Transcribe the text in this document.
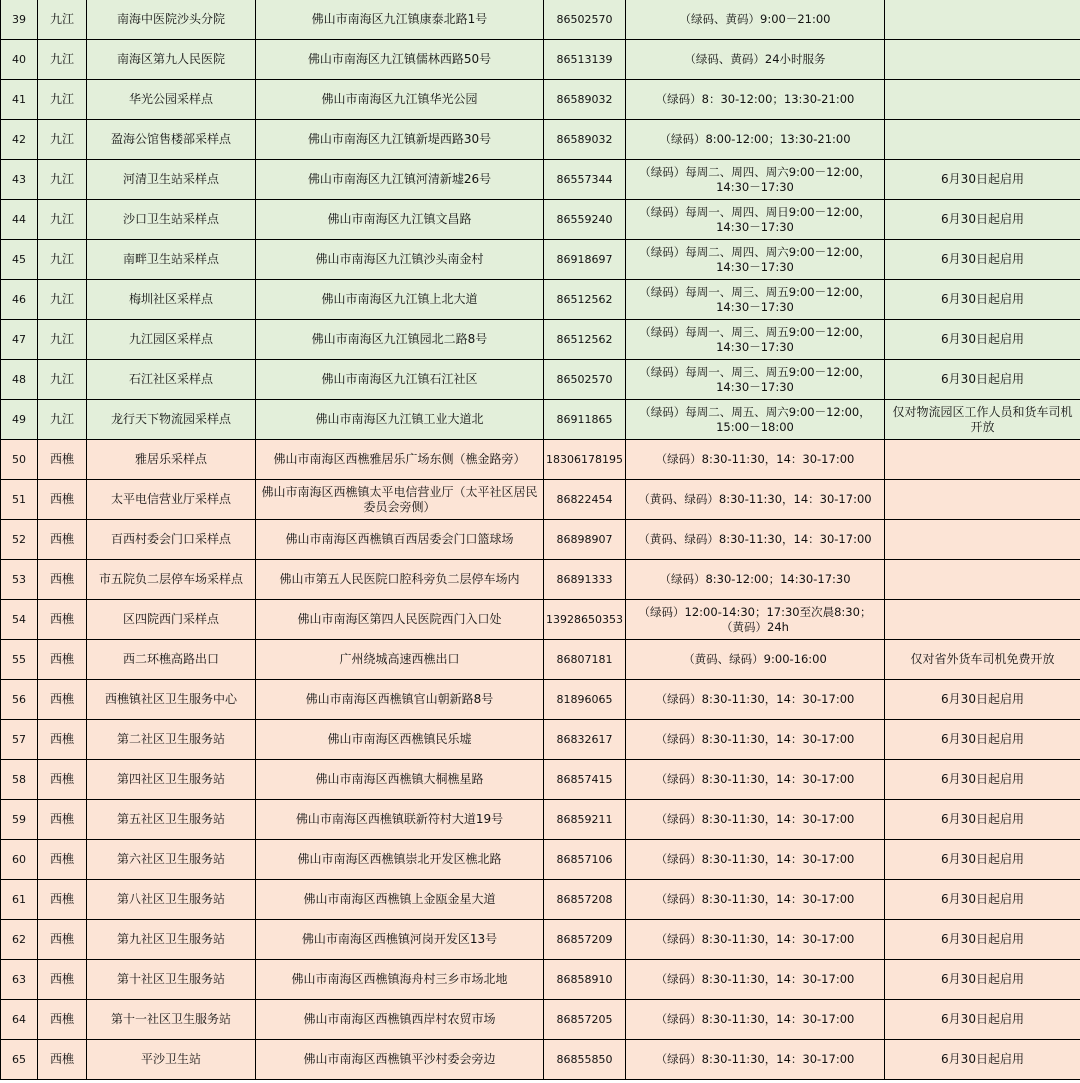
39	九江	南海中医院沙头分院	佛山市南海区九江镇康泰北路1号	86502570	（绿码、黄码）9:00－21:00	
40	九江	南海区第九人民医院	佛山市南海区九江镇儒林西路50号	86513139	（绿码、黄码）24小时服务	
41	九江	华光公园采样点	佛山市南海区九江镇华光公园	86589032	（绿码）8：30-12:00；13:30-21:00	
42	九江	盈海公馆售楼部采样点	佛山市南海区九江镇新堤西路30号	86589032	（绿码）8:00-12:00；13:30-21:00	
43	九江	河清卫生站采样点	佛山市南海区九江镇河清新墟26号	86557344	（绿码）每周二、周四、周六9:00－12:00，
14:30－17:30	6月30日起启用
44	九江	沙口卫生站采样点	佛山市南海区九江镇文昌路	86559240	（绿码）每周一、周四、周日9:00－12:00，
14:30－17:30	6月30日起启用
45	九江	南畔卫生站采样点	佛山市南海区九江镇沙头南金村	86918697	（绿码）每周二、周四、周六9:00－12:00，
14:30－17:30	6月30日起启用
46	九江	梅圳社区采样点	佛山市南海区九江镇上北大道	86512562	（绿码）每周一、周三、周五9:00－12:00，
14:30－17:30	6月30日起启用
47	九江	九江园区采样点	佛山市南海区九江镇园北二路8号	86512562	（绿码）每周一、周三、周五9:00－12:00，
14:30－17:30	6月30日起启用
48	九江	石江社区采样点	佛山市南海区九江镇石江社区	86502570	（绿码）每周一、周三、周五9:00－12:00，
14:30－17:30	6月30日起启用
49	九江	龙行天下物流园采样点	佛山市南海区九江镇工业大道北	86911865	（绿码）每周二、周五、周六9:00－12:00，
15:00－18:00	仅对物流园区工作人员和货车司机
开放
50	西樵	雅居乐采样点	佛山市南海区西樵雅居乐广场东侧（樵金路旁）	18306178195	（绿码）8:30-11:30，14：30-17:00	
51	西樵	太平电信营业厅采样点	佛山市南海区西樵镇太平电信营业厅（太平社区居民委员会旁侧）	86822454	（黄码、绿码）8:30-11:30，14：30-17:00	
52	西樵	百西村委会门口采样点	佛山市南海区西樵镇百西居委会门口篮球场	86898907	（黄码、绿码）8:30-11:30，14：30-17:00	
53	西樵	市五院负二层停车场采样点	佛山市第五人民医院口腔科旁负二层停车场内	86891333	（绿码）8:30-12:00；14:30-17:30	
54	西樵	区四院西门采样点	佛山市南海区第四人民医院西门入口处	13928650353	（绿码）12:00-14:30；17:30至次晨8:30；
（黄码）24h	
55	西樵	西二环樵高路出口	广州绕城高速西樵出口	86807181	（黄码、绿码）9:00-16:00	仅对省外货车司机免费开放
56	西樵	西樵镇社区卫生服务中心	佛山市南海区西樵镇官山朝新路8号	81896065	（绿码）8:30-11:30，14：30-17:00	6月30日起启用
57	西樵	第二社区卫生服务站	佛山市南海区西樵镇民乐墟	86832617	（绿码）8:30-11:30，14：30-17:00	6月30日起启用
58	西樵	第四社区卫生服务站	佛山市南海区西樵镇大桐樵星路	86857415	（绿码）8:30-11:30，14：30-17:00	6月30日起启用
59	西樵	第五社区卫生服务站	佛山市南海区西樵镇联新符村大道19号	86859211	（绿码）8:30-11:30，14：30-17:00	6月30日起启用
60	西樵	第六社区卫生服务站	佛山市南海区西樵镇崇北开发区樵北路	86857106	（绿码）8:30-11:30，14：30-17:00	6月30日起启用
61	西樵	第八社区卫生服务站	佛山市南海区西樵镇上金瓯金星大道	86857208	（绿码）8:30-11:30，14：30-17:00	6月30日起启用
62	西樵	第九社区卫生服务站	佛山市南海区西樵镇河岗开发区13号	86857209	（绿码）8:30-11:30，14：30-17:00	6月30日起启用
63	西樵	第十社区卫生服务站	佛山市南海区西樵镇海舟村三乡市场北地	86858910	（绿码）8:30-11:30，14：30-17:00	6月30日起启用
64	西樵	第十一社区卫生服务站	佛山市南海区西樵镇西岸村农贸市场	86857205	（绿码）8:30-11:30，14：30-17:00	6月30日起启用
65	西樵	平沙卫生站	佛山市南海区西樵镇平沙村委会旁边	86855850	（绿码）8:30-11:30，14：30-17:00	6月30日起启用
